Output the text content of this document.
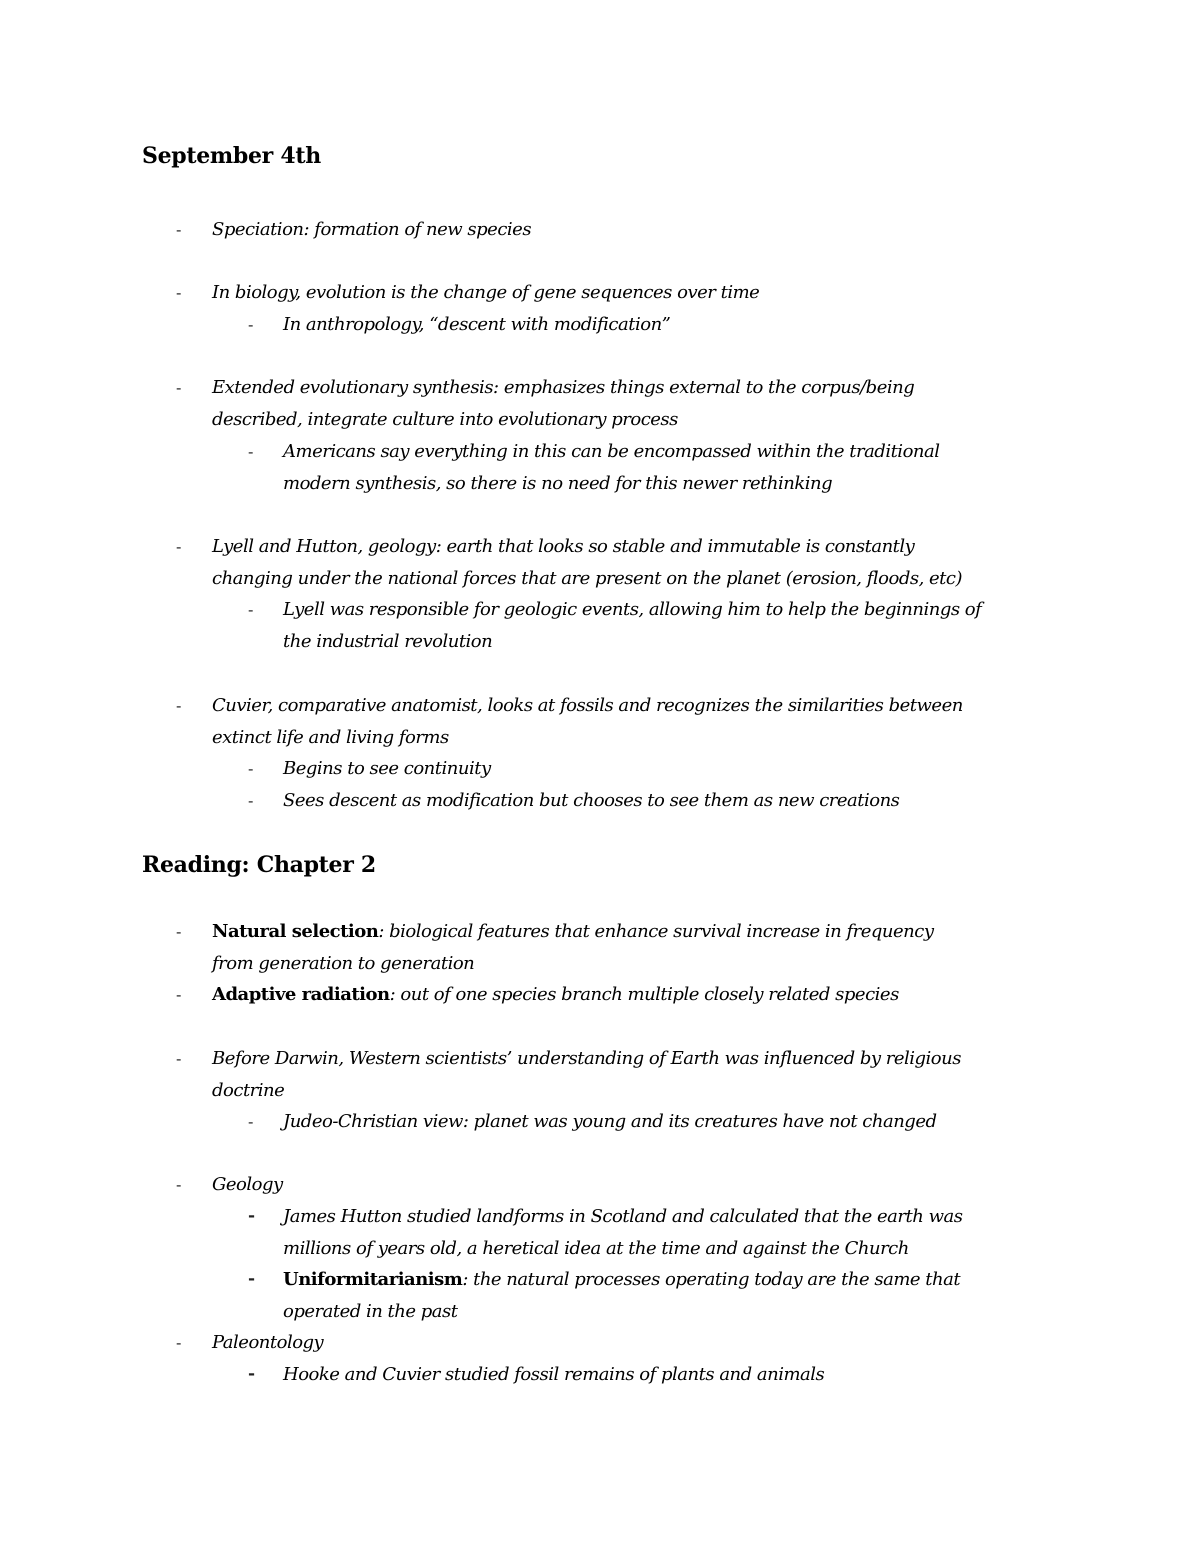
September 4th
- Speciation: formation of new species
- In biology, evolution is the change of gene sequences over time
- In anthropology, “descent with modification”
- Extended evolutionary synthesis: emphasizes things external to the corpus/being
described, integrate culture into evolutionary process
- Americans say everything in this can be encompassed within the traditional
modern synthesis, so there is no need for this newer rethinking
- Lyell and Hutton, geology: earth that looks so stable and immutable is constantly
changing under the national forces that are present on the planet (erosion, floods, etc)
- Lyell was responsible for geologic events, allowing him to help the beginnings of
the industrial revolution
- Cuvier, comparative anatomist, looks at fossils and recognizes the similarities between
extinct life and living forms
- Begins to see continuity
- Sees descent as modification but chooses to see them as new creations
Reading: Chapter 2
- Natural selection: biological features that enhance survival increase in frequency
from generation to generation
- Adaptive radiation: out of one species branch multiple closely related species
- Before Darwin, Western scientists’ understanding of Earth was influenced by religious
doctrine
- Judeo-Christian view: planet was young and its creatures have not changed
- Geology
- James Hutton studied landforms in Scotland and calculated that the earth was
millions of years old, a heretical idea at the time and against the Church
- Uniformitarianism: the natural processes operating today are the same that
operated in the past
- Paleontology
- Hooke and Cuvier studied fossil remains of plants and animals
